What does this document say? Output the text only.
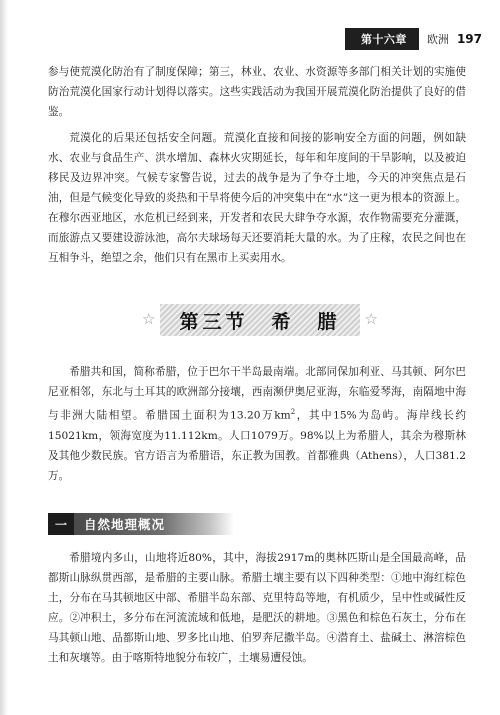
第十六章	欧洲 197

参与使荒漠化防治有了制度保障；第三，林业、农业、水资源等多部门相关计划的实施使防治荒漠化国家行动计划得以落实。这些实践活动为我国开展荒漠化防治提供了良好的借鉴。

荒漠化的后果还包括安全问题。荒漠化直接和间接的影响安全方面的问题，例如缺水、农业与食品生产、洪水增加、森林火灾期延长，每年和年度间的干旱影响，以及被迫移民及边界冲突。气候专家警告说，过去的战争是为了争夺土地，今天的冲突焦点是石油，但是气候变化导致的炎热和干旱将使今后的冲突集中在“水”这一更为根本的资源上。在穆尔西亚地区，水危机已经到来，开发者和农民大肆争夺水源，农作物需要充分灌溉，而旅游点又要建设游泳池，高尔夫球场每天还要消耗大量的水。为了庄稼，农民之间也在互相争斗，绝望之余，他们只有在黑市上买卖用水。

☆	第三节　希　腊	☆

希腊共和国，简称希腊，位于巴尔干半岛最南端。北部同保加利亚、马其顿、阿尔巴尼亚相邻，东北与土耳其的欧洲部分接壤，西南濒伊奥尼亚海，东临爱琴海，南隔地中海与非洲大陆相望。希腊国土面积为13.20万$km^2$，其中15%为岛屿。海岸线长约15021km，领海宽度为11.112km。人口1079万。98%以上为希腊人，其余为穆斯林及其他少数民族。官方语言为希腊语，东正教为国教。首都雅典（Athens），人口381.2万。

一	自然地理概况

希腊境内多山，山地将近80%，其中，海拔2917m的奥林匹斯山是全国最高峰，品都斯山脉纵贯西部，是希腊的主要山脉。希腊土壤主要有以下四种类型：①地中海红棕色土，分布在马其顿地区中部、希腊半岛东部、克里特岛等地，有机质少，呈中性或碱性反应。②冲积土，多分布在河流流域和低地，是肥沃的耕地。③黑色和棕色石灰土，分布在马其顿山地、品都斯山地、罗多比山地、伯罗奔尼撒半岛。④潜育土、盐碱土、淋溶棕色土和灰壤等。由于喀斯特地貌分布较广，土壤易遭侵蚀。
